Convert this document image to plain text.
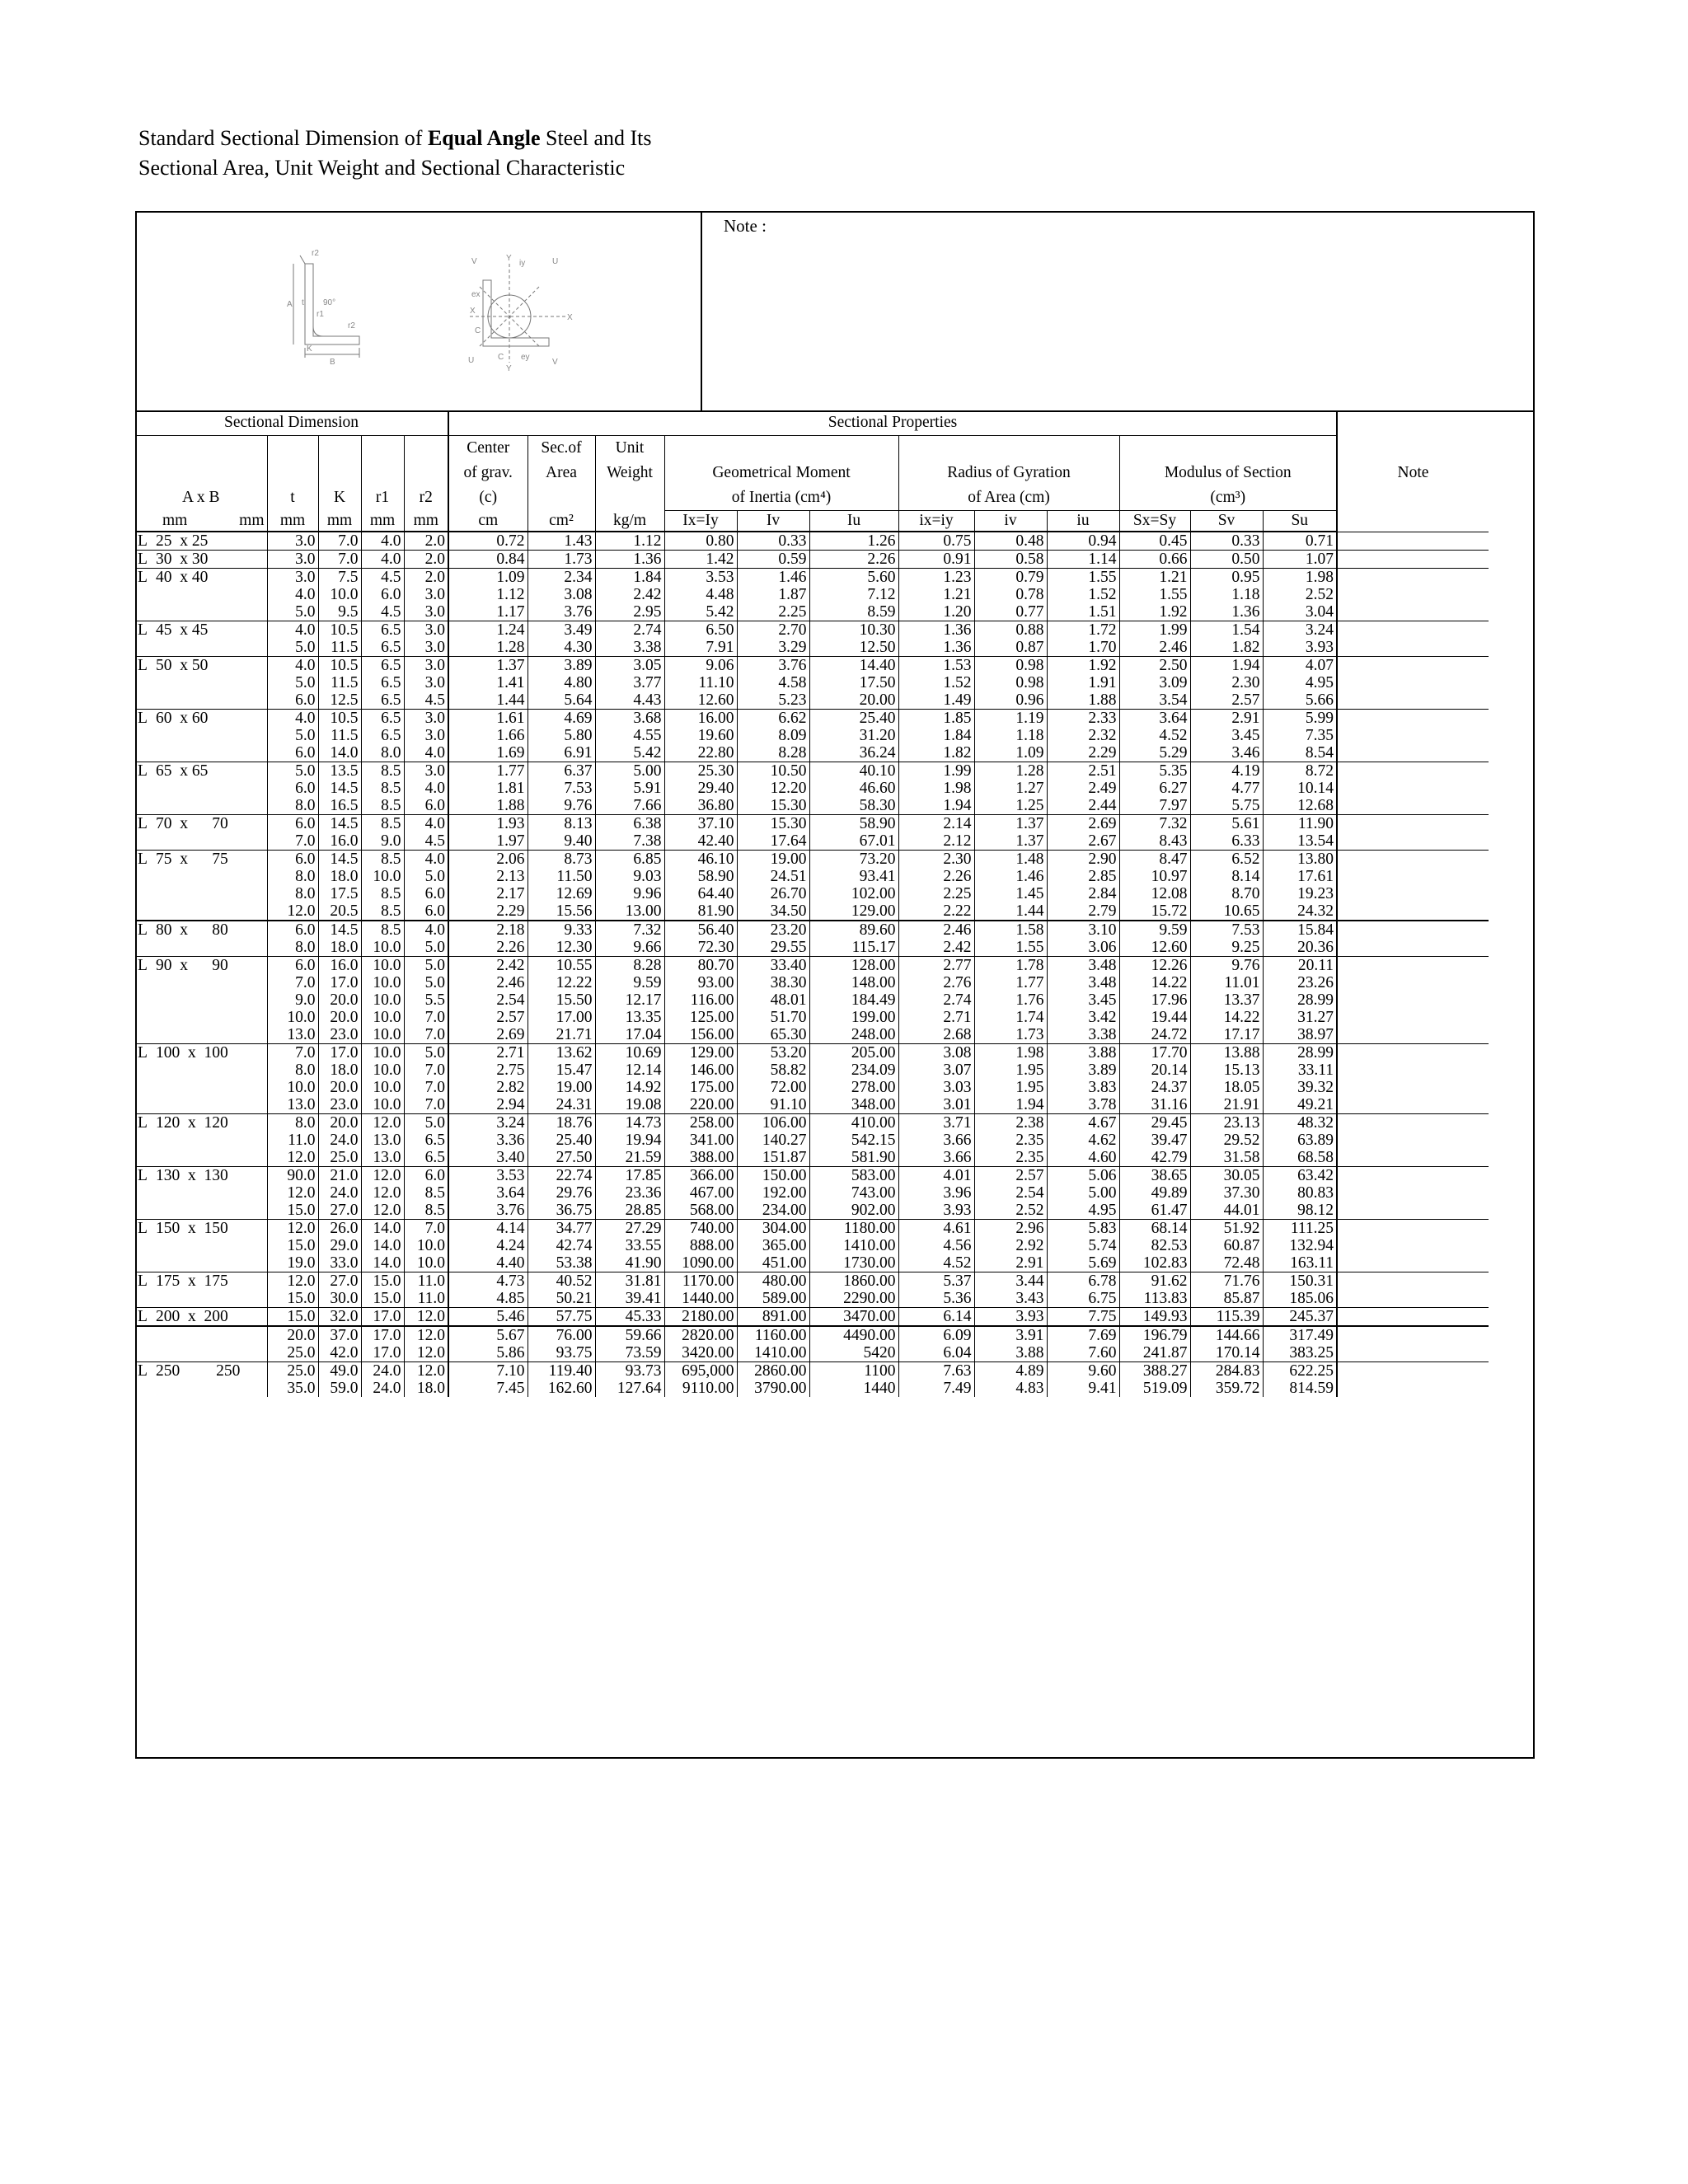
Standard Sectional Dimension of Equal Angle Steel and Its
Sectional Area, Unit Weight and Sectional Characteristic
r2
A t
r1
90°
r2
K
B
V	Y
iy	U
ex
X
X
C
U	C ey
V
Y
Note :
Sectional Dimension					Sectional Properties												
					Center	Sec.of	Unit										
					of grav.	Area	Weight	Geometrical Moment			Radius of Gyration			Modulus of Section			Note
A x B	t	K	r1	r2	(c)			of Inertia (cm⁴)			of Area (cm)			(cm³)			

mm mm	mm	mm	mm	mm	cm	cm²	kg/m	Ix=Iy	Iv	Iu	ix=iy	iv	iu	Sx=Sy	Sv	Su	
L 25  x 25	3.0	7.0	4.0	2.0	0.72	1.43	1.12	0.80	0.33	1.26	0.75	0.48	0.94	0.45	0.33	0.71	
L 30  x 30	3.0	7.0	4.0	2.0	0.84	1.73	1.36	1.42	0.59	2.26	0.91	0.58	1.14	0.66	0.50	1.07	
L 40  x 40	3.0	7.5	4.5	2.0	1.09	2.34	1.84	3.53	1.46	5.60	1.23	0.79	1.55	1.21	0.95	1.98	
	4.0	10.0	6.0	3.0	1.12	3.08	2.42	4.48	1.87	7.12	1.21	0.78	1.52	1.55	1.18	2.52	
	5.0	9.5	4.5	3.0	1.17	3.76	2.95	5.42	2.25	8.59	1.20	0.77	1.51	1.92	1.36	3.04	
L 45  x 45	4.0	10.5	6.5	3.0	1.24	3.49	2.74	6.50	2.70	10.30	1.36	0.88	1.72	1.99	1.54	3.24	
	5.0	11.5	6.5	3.0	1.28	4.30	3.38	7.91	3.29	12.50	1.36	0.87	1.70	2.46	1.82	3.93	
L 50  x 50	4.0	10.5	6.5	3.0	1.37	3.89	3.05	9.06	3.76	14.40	1.53	0.98	1.92	2.50	1.94	4.07	
	5.0	11.5	6.5	3.0	1.41	4.80	3.77	11.10	4.58	17.50	1.52	0.98	1.91	3.09	2.30	4.95	
	6.0	12.5	6.5	4.5	1.44	5.64	4.43	12.60	5.23	20.00	1.49	0.96	1.88	3.54	2.57	5.66	
L 60  x 60	4.0	10.5	6.5	3.0	1.61	4.69	3.68	16.00	6.62	25.40	1.85	1.19	2.33	3.64	2.91	5.99	
	5.0	11.5	6.5	3.0	1.66	5.80	4.55	19.60	8.09	31.20	1.84	1.18	2.32	4.52	3.45	7.35	
	6.0	14.0	8.0	4.0	1.69	6.91	5.42	22.80	8.28	36.24	1.82	1.09	2.29	5.29	3.46	8.54	
L 65  x 65	5.0	13.5	8.5	3.0	1.77	6.37	5.00	25.30	10.50	40.10	1.99	1.28	2.51	5.35	4.19	8.72	
	6.0	14.5	8.5	4.0	1.81	7.53	5.91	29.40	12.20	46.60	1.98	1.27	2.49	6.27	4.77	10.14	
	8.0	16.5	8.5	6.0	1.88	9.76	7.66	36.80	15.30	58.30	1.94	1.25	2.44	7.97	5.75	12.68	
L 70  x      70	6.0	14.5	8.5	4.0	1.93	8.13	6.38	37.10	15.30	58.90	2.14	1.37	2.69	7.32	5.61	11.90	
	7.0	16.0	9.0	4.5	1.97	9.40	7.38	42.40	17.64	67.01	2.12	1.37	2.67	8.43	6.33	13.54	
L 75  x      75	6.0	14.5	8.5	4.0	2.06	8.73	6.85	46.10	19.00	73.20	2.30	1.48	2.90	8.47	6.52	13.80	
	8.0	18.0	10.0	5.0	2.13	11.50	9.03	58.90	24.51	93.41	2.26	1.46	2.85	10.97	8.14	17.61	
	8.0	17.5	8.5	6.0	2.17	12.69	9.96	64.40	26.70	102.00	2.25	1.45	2.84	12.08	8.70	19.23	
	12.0	20.5	8.5	6.0	2.29	15.56	13.00	81.90	34.50	129.00	2.22	1.44	2.79	15.72	10.65	24.32	
L 80  x      80	6.0	14.5	8.5	4.0	2.18	9.33	7.32	56.40	23.20	89.60	2.46	1.58	3.10	9.59	7.53	15.84	
	8.0	18.0	10.0	5.0	2.26	12.30	9.66	72.30	29.55	115.17	2.42	1.55	3.06	12.60	9.25	20.36	
L 90  x      90	6.0	16.0	10.0	5.0	2.42	10.55	8.28	80.70	33.40	128.00	2.77	1.78	3.48	12.26	9.76	20.11	
	7.0	17.0	10.0	5.0	2.46	12.22	9.59	93.00	38.30	148.00	2.76	1.77	3.48	14.22	11.01	23.26	
	9.0	20.0	10.0	5.5	2.54	15.50	12.17	116.00	48.01	184.49	2.74	1.76	3.45	17.96	13.37	28.99	
	10.0	20.0	10.0	7.0	2.57	17.00	13.35	125.00	51.70	199.00	2.71	1.74	3.42	19.44	14.22	31.27	
	13.0	23.0	10.0	7.0	2.69	21.71	17.04	156.00	65.30	248.00	2.68	1.73	3.38	24.72	17.17	38.97	
L 100  x  100	7.0	17.0	10.0	5.0	2.71	13.62	10.69	129.00	53.20	205.00	3.08	1.98	3.88	17.70	13.88	28.99	
	8.0	18.0	10.0	7.0	2.75	15.47	12.14	146.00	58.82	234.09	3.07	1.95	3.89	20.14	15.13	33.11	
	10.0	20.0	10.0	7.0	2.82	19.00	14.92	175.00	72.00	278.00	3.03	1.95	3.83	24.37	18.05	39.32	
	13.0	23.0	10.0	7.0	2.94	24.31	19.08	220.00	91.10	348.00	3.01	1.94	3.78	31.16	21.91	49.21	
L 120  x  120	8.0	20.0	12.0	5.0	3.24	18.76	14.73	258.00	106.00	410.00	3.71	2.38	4.67	29.45	23.13	48.32	
	11.0	24.0	13.0	6.5	3.36	25.40	19.94	341.00	140.27	542.15	3.66	2.35	4.62	39.47	29.52	63.89	
	12.0	25.0	13.0	6.5	3.40	27.50	21.59	388.00	151.87	581.90	3.66	2.35	4.60	42.79	31.58	68.58	
L 130  x  130	90.0	21.0	12.0	6.0	3.53	22.74	17.85	366.00	150.00	583.00	4.01	2.57	5.06	38.65	30.05	63.42	
	12.0	24.0	12.0	8.5	3.64	29.76	23.36	467.00	192.00	743.00	3.96	2.54	5.00	49.89	37.30	80.83	
	15.0	27.0	12.0	8.5	3.76	36.75	28.85	568.00	234.00	902.00	3.93	2.52	4.95	61.47	44.01	98.12	
L 150  x  150	12.0	26.0	14.0	7.0	4.14	34.77	27.29	740.00	304.00	1180.00	4.61	2.96	5.83	68.14	51.92	111.25	
	15.0	29.0	14.0	10.0	4.24	42.74	33.55	888.00	365.00	1410.00	4.56	2.92	5.74	82.53	60.87	132.94	
	19.0	33.0	14.0	10.0	4.40	53.38	41.90	1090.00	451.00	1730.00	4.52	2.91	5.69	102.83	72.48	163.11	
L 175  x  175	12.0	27.0	15.0	11.0	4.73	40.52	31.81	1170.00	480.00	1860.00	5.37	3.44	6.78	91.62	71.76	150.31	
	15.0	30.0	15.0	11.0	4.85	50.21	39.41	1440.00	589.00	2290.00	5.36	3.43	6.75	113.83	85.87	185.06	
L 200  x  200	15.0	32.0	17.0	12.0	5.46	57.75	45.33	2180.00	891.00	3470.00	6.14	3.93	7.75	149.93	115.39	245.37	
	20.0	37.0	17.0	12.0	5.67	76.00	59.66	2820.00	1160.00	4490.00	6.09	3.91	7.69	196.79	144.66	317.49	
	25.0	42.0	17.0	12.0	5.86	93.75	73.59	3420.00	1410.00	5420	6.04	3.88	7.60	241.87	170.14	383.25	
L 250         250	25.0	49.0	24.0	12.0	7.10	119.40	93.73	695,000	2860.00	1100	7.63	4.89	9.60	388.27	284.83	622.25	
	35.0	59.0	24.0	18.0	7.45	162.60	127.64	9110.00	3790.00	1440	7.49	4.83	9.41	519.09	359.72	814.59	
